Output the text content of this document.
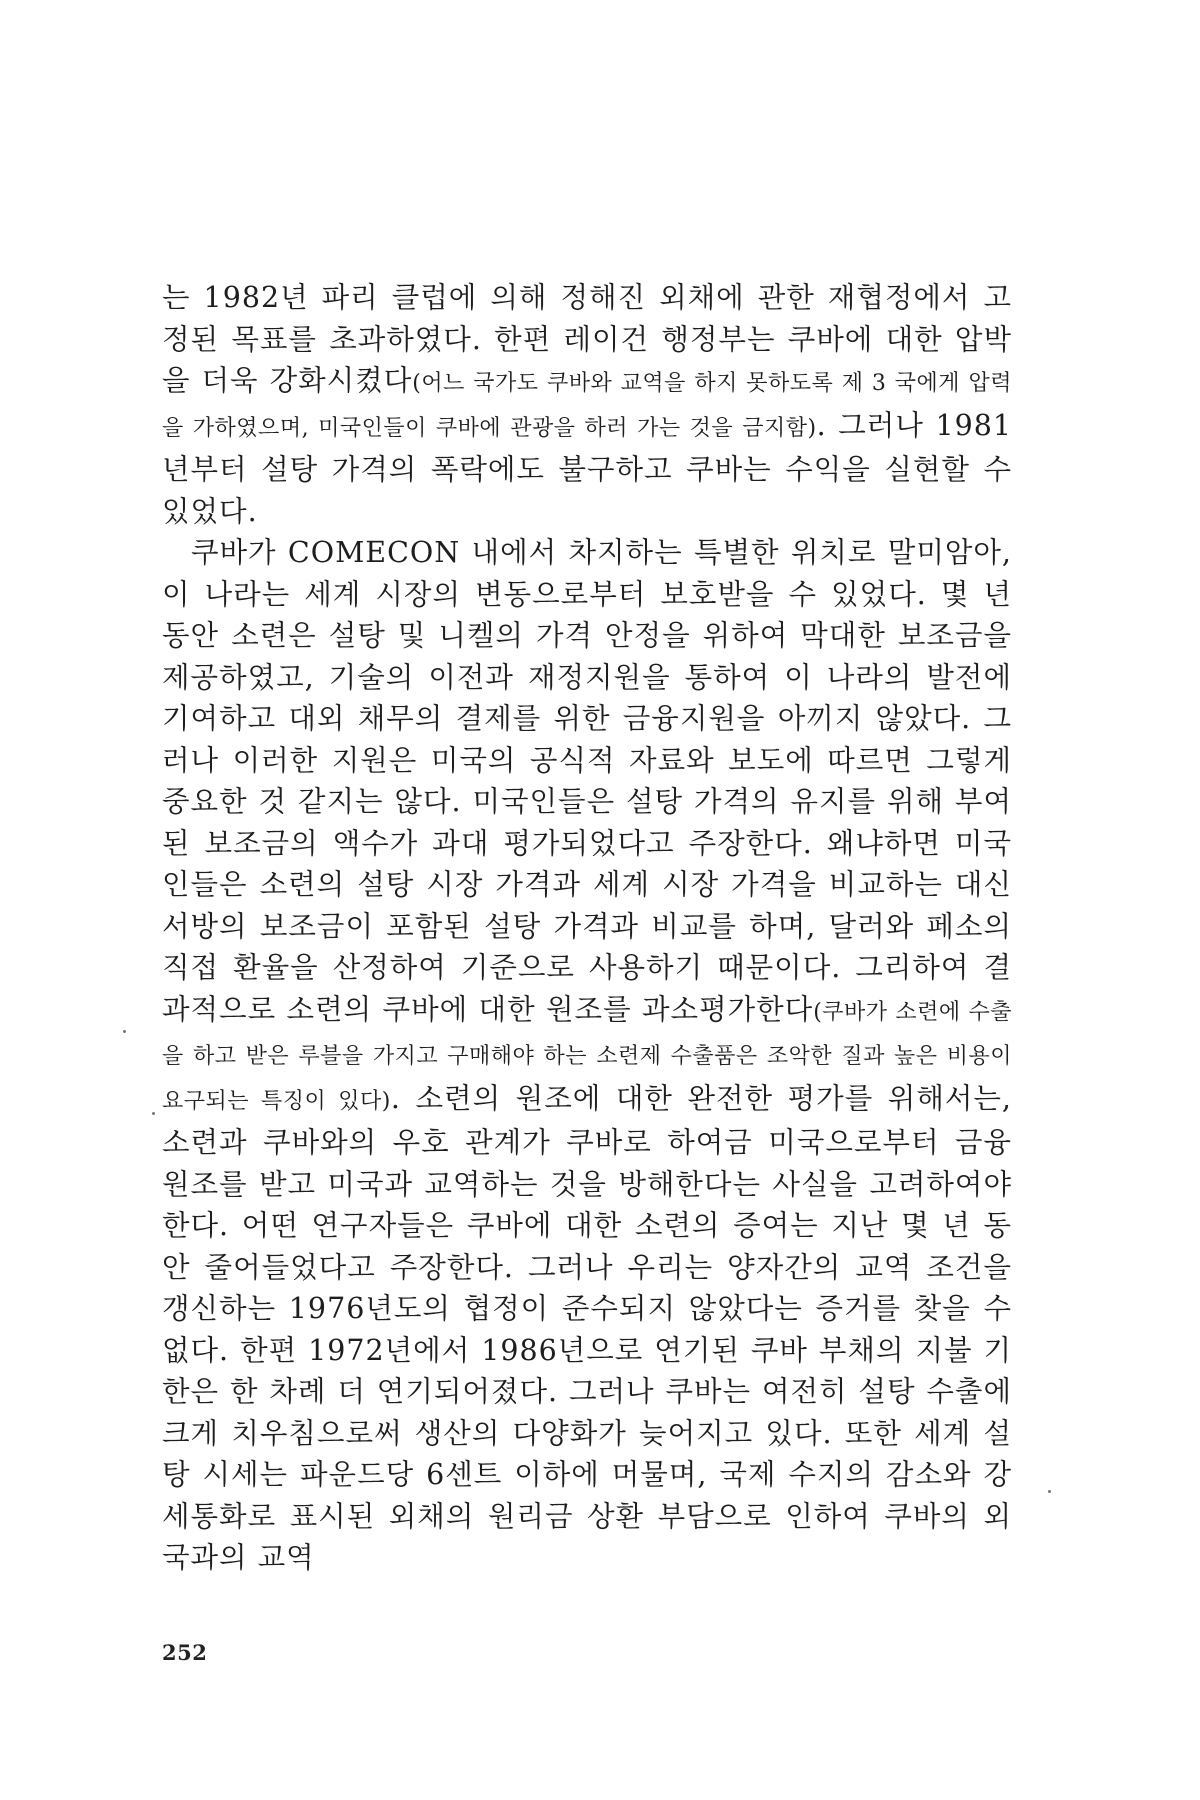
는 1982년 파리 클럽에 의해 정해진 외채에 관한 재협정에서 고정된 목표를 초과하였다. 한편 레이건 행정부는 쿠바에 대한 압박을 더욱 강화시켰다(어느 국가도 쿠바와 교역을 하지 못하도록 제 3 국에게 압력을 가하였으며, 미국인들이 쿠바에 관광을 하러 가는 것을 금지함). 그러나 1981년부터 설탕 가격의 폭락에도 불구하고 쿠바는 수익을 실현할 수 있었다.

쿠바가 COMECON 내에서 차지하는 특별한 위치로 말미암아, 이 나라는 세계 시장의 변동으로부터 보호받을 수 있었다. 몇 년 동안 소련은 설탕 및 니켈의 가격 안정을 위하여 막대한 보조금을 제공하였고, 기술의 이전과 재정지원을 통하여 이 나라의 발전에 기여하고 대외 채무의 결제를 위한 금융지원을 아끼지 않았다. 그러나 이러한 지원은 미국의 공식적 자료와 보도에 따르면 그렇게 중요한 것 같지는 않다. 미국인들은 설탕 가격의 유지를 위해 부여된 보조금의 액수가 과대 평가되었다고 주장한다. 왜냐하면 미국인들은 소련의 설탕 시장 가격과 세계 시장 가격을 비교하는 대신 서방의 보조금이 포함된 설탕 가격과 비교를 하며, 달러와 페소의 직접 환율을 산정하여 기준으로 사용하기 때문이다. 그리하여 결과적으로 소련의 쿠바에 대한 원조를 과소평가한다(쿠바가 소련에 수출을 하고 받은 루블을 가지고 구매해야 하는 소련제 수출품은 조악한 질과 높은 비용이 요구되는 특징이 있다). 소련의 원조에 대한 완전한 평가를 위해서는, 소련과 쿠바와의 우호 관계가 쿠바로 하여금 미국으로부터 금융 원조를 받고 미국과 교역하는 것을 방해한다는 사실을 고려하여야 한다. 어떤 연구자들은 쿠바에 대한 소련의 증여는 지난 몇 년 동안 줄어들었다고 주장한다. 그러나 우리는 양자간의 교역 조건을 갱신하는 1976년도의 협정이 준수되지 않았다는 증거를 찾을 수 없다. 한편 1972년에서 1986년으로 연기된 쿠바 부채의 지불 기한은 한 차례 더 연기되어졌다. 그러나 쿠바는 여전히 설탕 수출에 크게 치우침으로써 생산의 다양화가 늦어지고 있다. 또한 세계 설탕 시세는 파운드당 6센트 이하에 머물며, 국제 수지의 감소와 강세통화로 표시된 외채의 원리금 상환 부담으로 인하여 쿠바의 외국과의 교역

252
